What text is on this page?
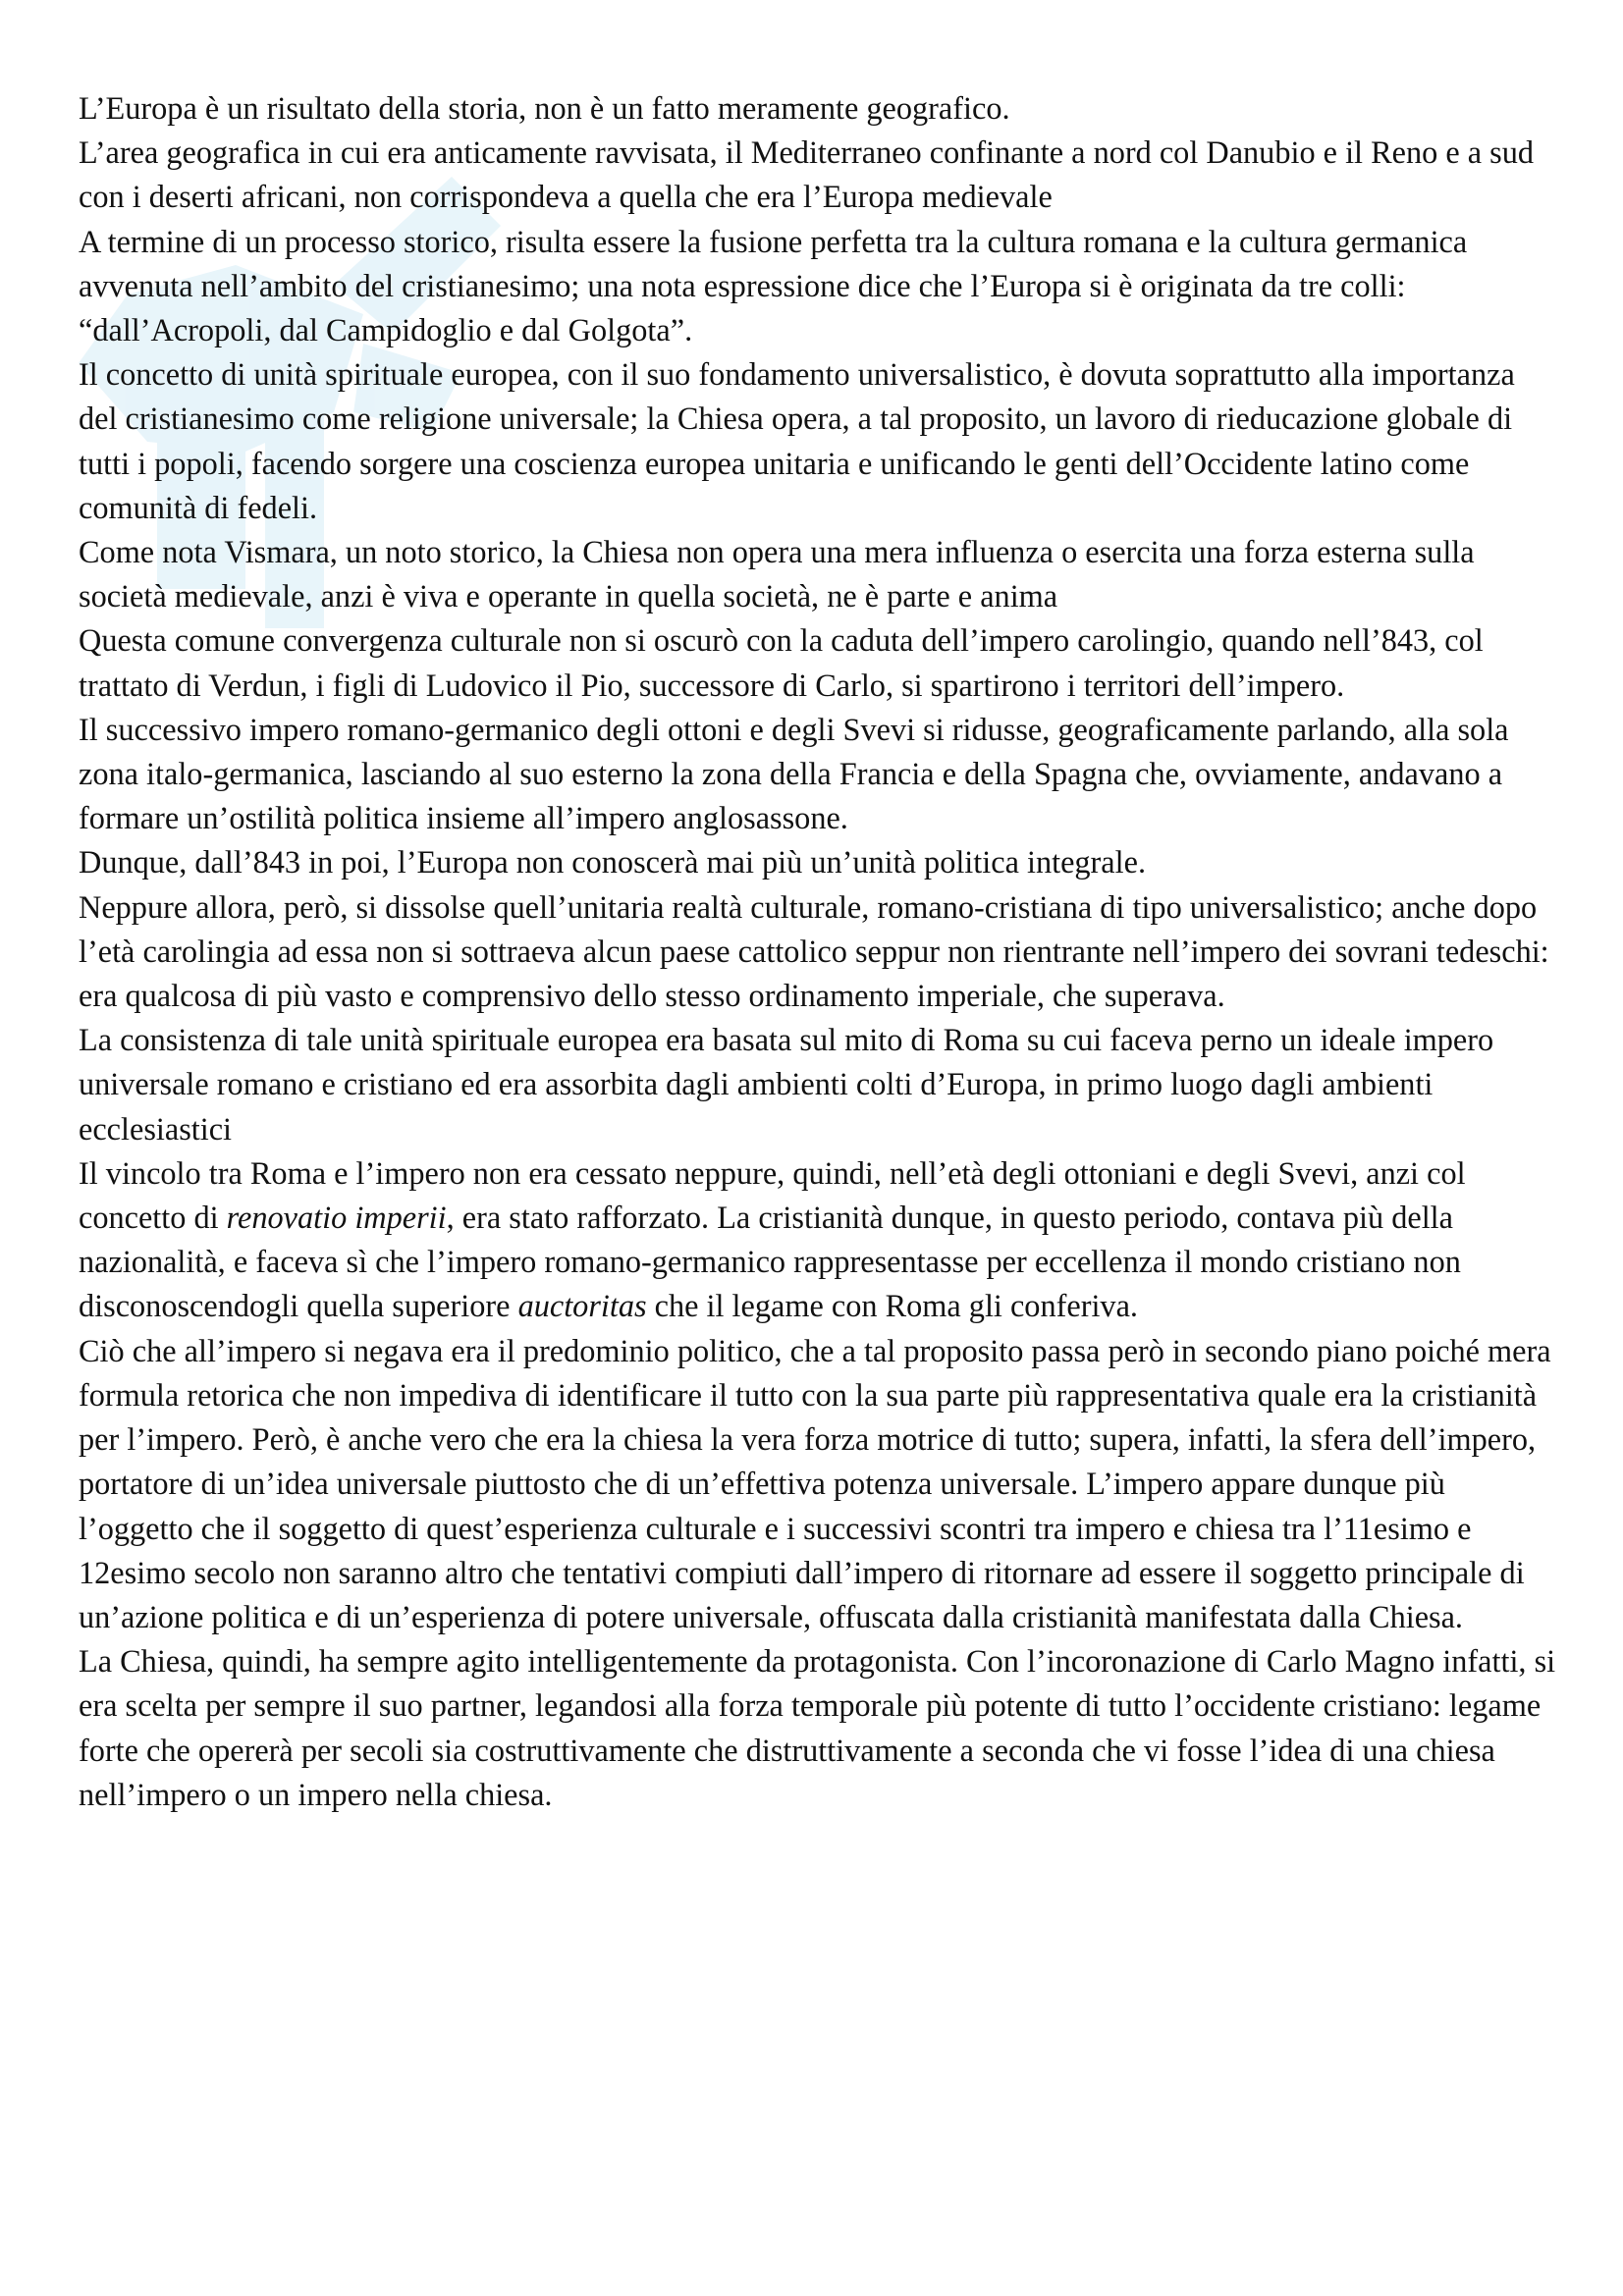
L’Europa è un risultato della storia, non è un fatto meramente geografico.

L’area geografica in cui era anticamente ravvisata, il Mediterraneo confinante a nord col Danubio e il Reno e a sud con i deserti africani, non corrispondeva a quella che era l’Europa medievale

A termine di un processo storico, risulta essere la fusione perfetta tra la cultura romana e la cultura germanica avvenuta nell’ambito del cristianesimo; una nota espressione dice che l’Europa si è originata da tre colli: “dall’Acropoli, dal Campidoglio e dal Golgota”.

Il concetto di unità spirituale europea, con il suo fondamento universalistico, è dovuta soprattutto alla importanza del cristianesimo come religione universale; la Chiesa opera, a tal proposito, un lavoro di rieducazione globale di tutti i popoli, facendo sorgere una coscienza europea unitaria e unificando le genti dell’Occidente latino come comunità di fedeli.

Come nota Vismara, un noto storico, la Chiesa non opera una mera influenza o esercita una forza esterna sulla società medievale, anzi è viva e operante in quella società, ne è parte e anima

Questa comune convergenza culturale non si oscurò con la caduta dell’impero carolingio, quando nell’843, col trattato di Verdun, i figli di Ludovico il Pio, successore di Carlo, si spartirono i territori dell’impero.

Il successivo impero romano-germanico degli ottoni e degli Svevi si ridusse, geograficamente parlando, alla sola zona italo-germanica, lasciando al suo esterno la zona della Francia e della Spagna che, ovviamente, andavano a formare un’ostilità politica insieme all’impero anglosassone.

Dunque, dall’843 in poi, l’Europa non conoscerà mai più un’unità politica integrale.

Neppure allora, però, si dissolse quell’unitaria realtà culturale, romano-cristiana di tipo universalistico; anche dopo l’età carolingia ad essa non si sottraeva alcun paese cattolico seppur non rientrante nell’impero dei sovrani tedeschi: era qualcosa di più vasto e comprensivo dello stesso ordinamento imperiale, che superava.

La consistenza di tale unità spirituale europea era basata sul mito di Roma su cui faceva perno un ideale impero universale romano e cristiano ed era assorbita dagli ambienti colti d’Europa, in primo luogo dagli ambienti ecclesiastici

Il vincolo tra Roma e l’impero non era cessato neppure, quindi, nell’età degli ottoniani e degli Svevi, anzi col concetto di renovatio imperii, era stato rafforzato. La cristianità dunque, in questo periodo, contava più della nazionalità, e faceva sì che l’impero romano-germanico rappresentasse per eccellenza il mondo cristiano non disconoscendogli quella superiore auctoritas che il legame con Roma gli conferiva.

Ciò che all’impero si negava era il predominio politico, che a tal proposito passa però in secondo piano poiché mera formula retorica che non impediva di identificare il tutto con la sua parte più rappresentativa quale era la cristianità per l’impero. Però, è anche vero che era la chiesa la vera forza motrice di tutto; supera, infatti, la sfera dell’impero, portatore di un’idea universale piuttosto che di un’effettiva potenza universale. L’impero appare dunque più l’oggetto che il soggetto di quest’esperienza culturale e i successivi scontri tra impero e chiesa tra l’11esimo e 12esimo secolo non saranno altro che tentativi compiuti dall’impero di ritornare ad essere il soggetto principale di un’azione politica e di un’esperienza di potere universale, offuscata dalla cristianità manifestata dalla Chiesa.

La Chiesa, quindi, ha sempre agito intelligentemente da protagonista. Con l’incoronazione di Carlo Magno infatti, si era scelta per sempre il suo partner, legandosi alla forza temporale più potente di tutto l’occidente cristiano: legame forte che opererà per secoli sia costruttivamente che distruttivamente a seconda che vi fosse l’idea di una chiesa nell’impero o un impero nella chiesa.
